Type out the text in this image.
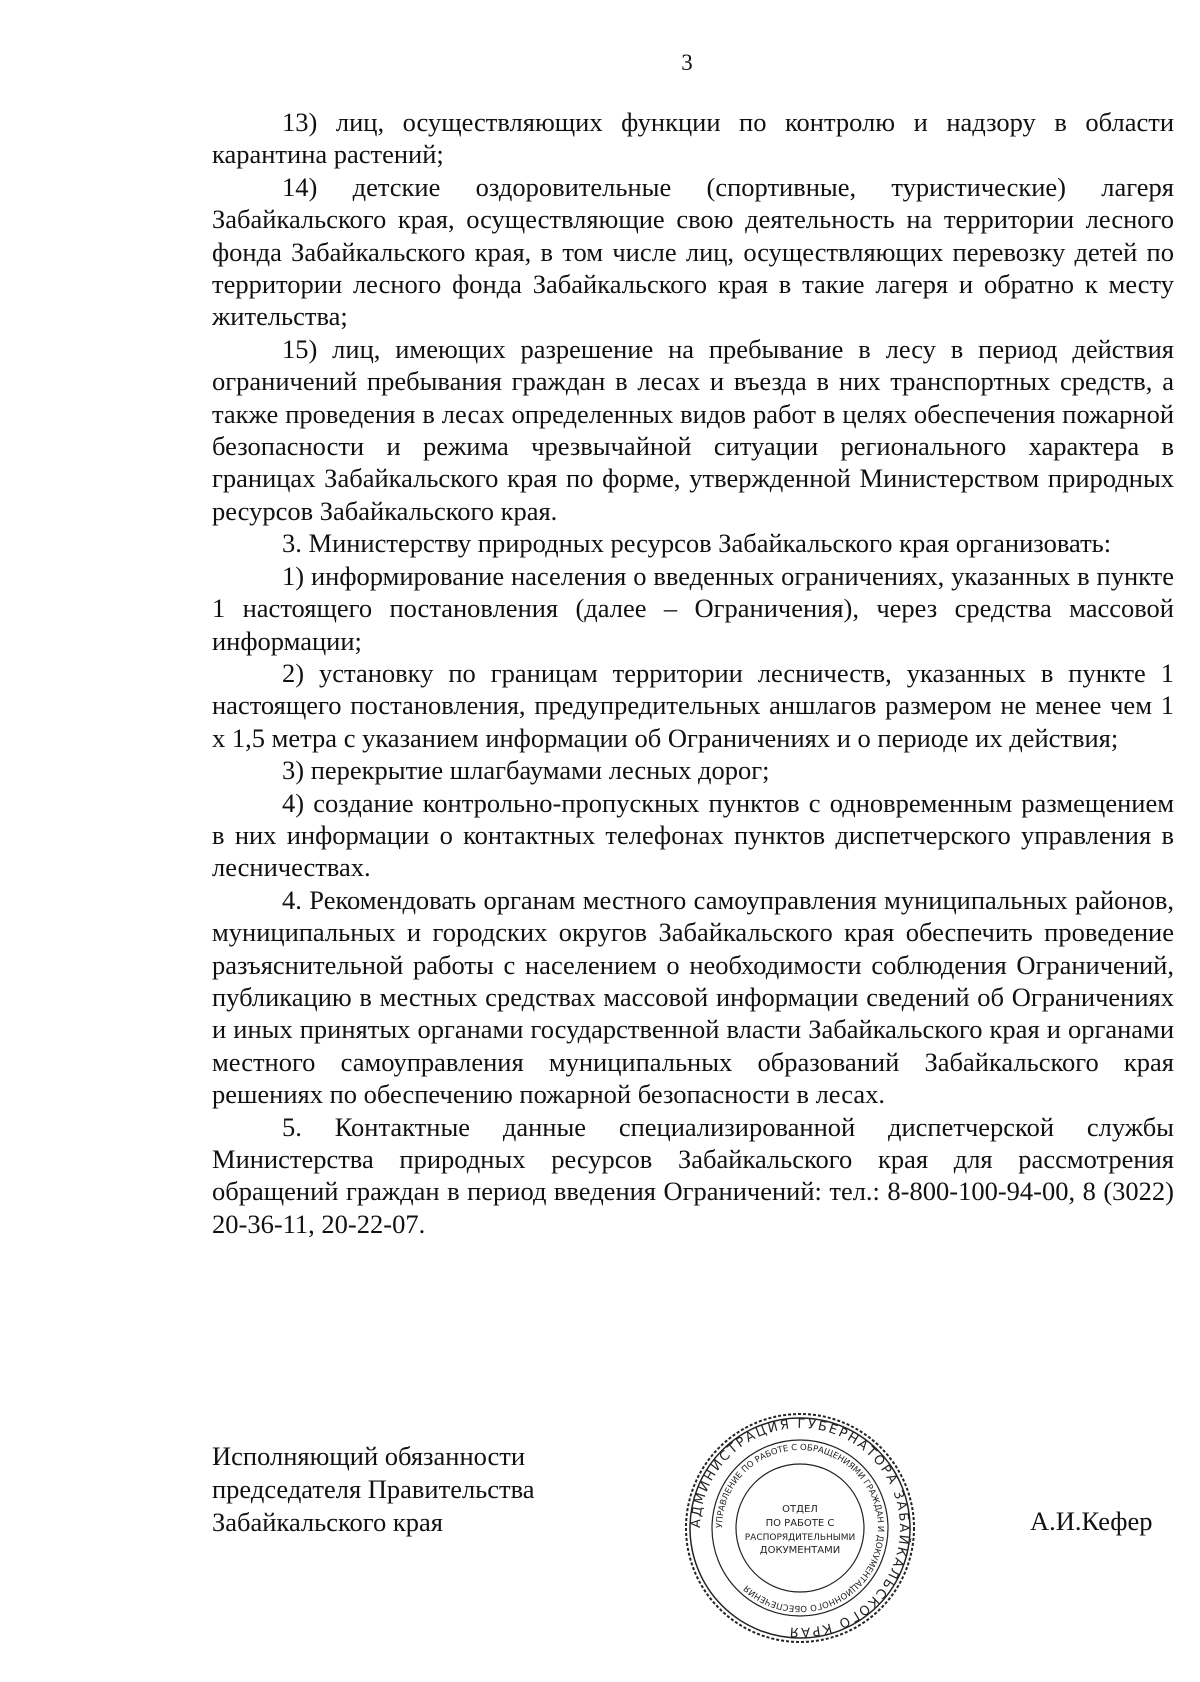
3

13) лиц, осуществляющих функции по контролю и надзору в области карантина растений;

14) детские оздоровительные (спортивные, туристические) лагеря Забайкальского края, осуществляющие свою деятельность на территории лесного фонда Забайкальского края, в том числе лиц, осуществляющих перевозку детей по территории лесного фонда Забайкальского края в такие лагеря и обратно к месту жительства;

15) лиц, имеющих разрешение на пребывание в лесу в период действия ограничений пребывания граждан в лесах и въезда в них транспортных средств, а также проведения в лесах определенных видов работ в целях обеспечения пожарной безопасности и режима чрезвычайной ситуации регионального характера в границах Забайкальского края по форме, утвержденной Министерством природных ресурсов Забайкальского края.

3. Министерству природных ресурсов Забайкальского края организовать:

1) информирование населения о введенных ограничениях, указанных в пункте 1 настоящего постановления (далее – Ограничения), через средства массовой информации;

2) установку по границам территории лесничеств, указанных в пункте 1 настоящего постановления, предупредительных аншлагов размером не менее чем 1 х 1,5 метра с указанием информации об Ограничениях и о периоде их действия;

3) перекрытие шлагбаумами лесных дорог;

4) создание контрольно-пропускных пунктов с одновременным размещением в них информации о контактных телефонах пунктов диспетчерского управления в лесничествах.

4. Рекомендовать органам местного самоуправления муниципальных районов, муниципальных и городских округов Забайкальского края обеспечить проведение разъяснительной работы с населением о необходимости соблюдения Ограничений, публикацию в местных средствах массовой информации сведений об Ограничениях и иных принятых органами государственной власти Забайкальского края и органами местного самоуправления муниципальных образований Забайкальского края решениях по обеспечению пожарной безопасности в лесах.

5. Контактные данные специализированной диспетчерской службы Министерства природных ресурсов Забайкальского края для рассмотрения обращений граждан в период введения Ограничений: тел.: 8-800-100-94-00, 8 (3022) 20-36-11, 20-22-07.

Исполняющий обязанности
председателя Правительства
Забайкальского края	А.И.Кефер
АДМИНИСТРАЦИЯ ГУБЕРНАТОРА ЗАБАЙКАЛЬСКОГО КРАЯ
УПРАВЛЕНИЕ ПО РАБОТЕ С ОБРАЩЕНИЯМИ ГРАЖДАН И ДОКУМЕНТАЦИОННОГО ОБЕСПЕЧЕНИЯ
ОТДЕЛ
ПО РАБОТЕ С
РАСПОРЯДИТЕЛЬНЫМИ
ДОКУМЕНТАМИ
